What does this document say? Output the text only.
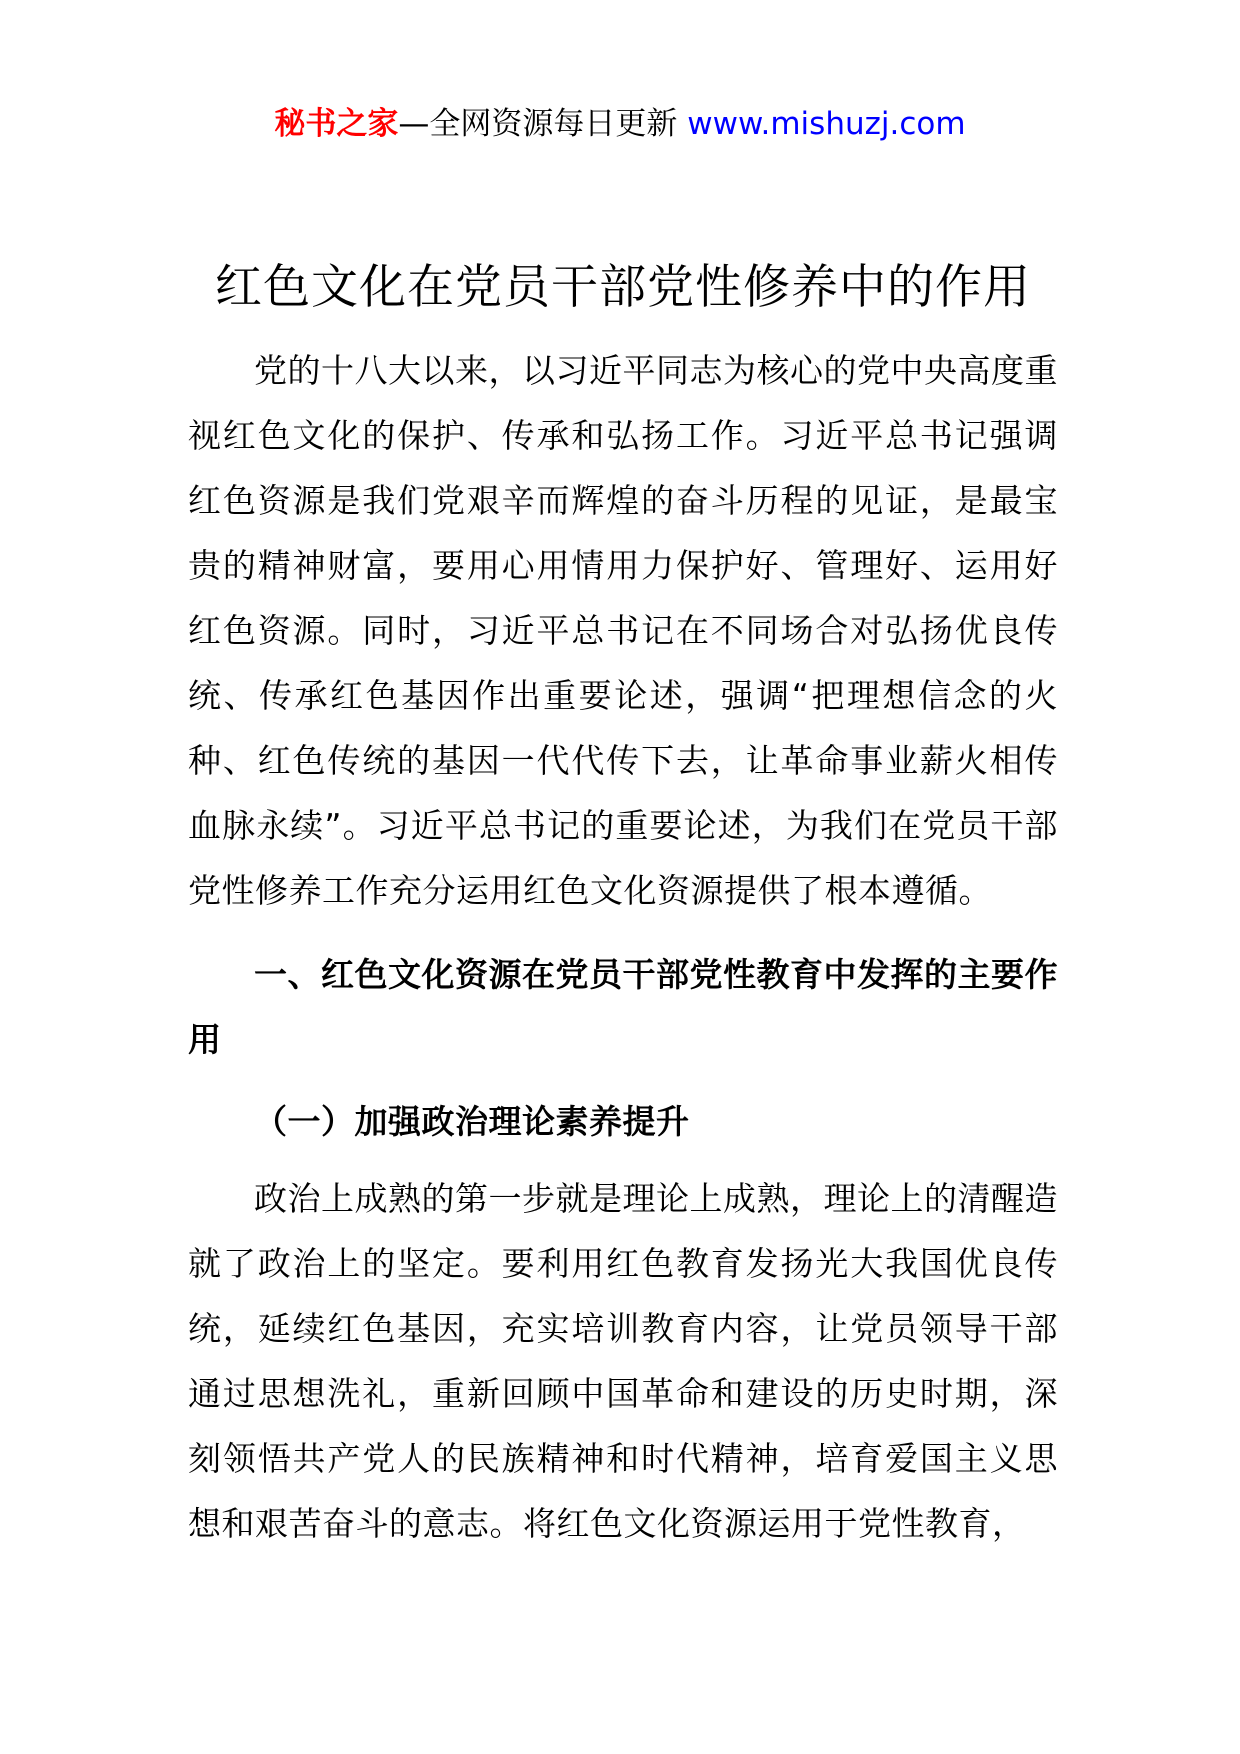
秘书之家—全网资源每日更新 www.mishuzj.com
红色文化在党员干部党性修养中的作用

党的十八大以来，以习近平同志为核心的党中央高度重视红色文化的保护、传承和弘扬工作。习近平总书记强调红色资源是我们党艰辛而辉煌的奋斗历程的见证，是最宝贵的精神财富，要用心用情用力保护好、管理好、运用好红色资源。同时，习近平总书记在不同场合对弘扬优良传统、传承红色基因作出重要论述，强调“把理想信念的火种、红色传统的基因一代代传下去，让革命事业薪火相传血脉永续”。习近平总书记的重要论述，为我们在党员干部党性修养工作充分运用红色文化资源提供了根本遵循。

一、红色文化资源在党员干部党性教育中发挥的主要作用
（一）加强政治理论素养提升

政治上成熟的第一步就是理论上成熟，理论上的清醒造就了政治上的坚定。要利用红色教育发扬光大我国优良传统，延续红色基因，充实培训教育内容，让党员领导干部通过思想洗礼，重新回顾中国革命和建设的历史时期，深刻领悟共产党人的民族精神和时代精神，培育爱国主义思想和艰苦奋斗的意志。将红色文化资源运用于党性教育，
